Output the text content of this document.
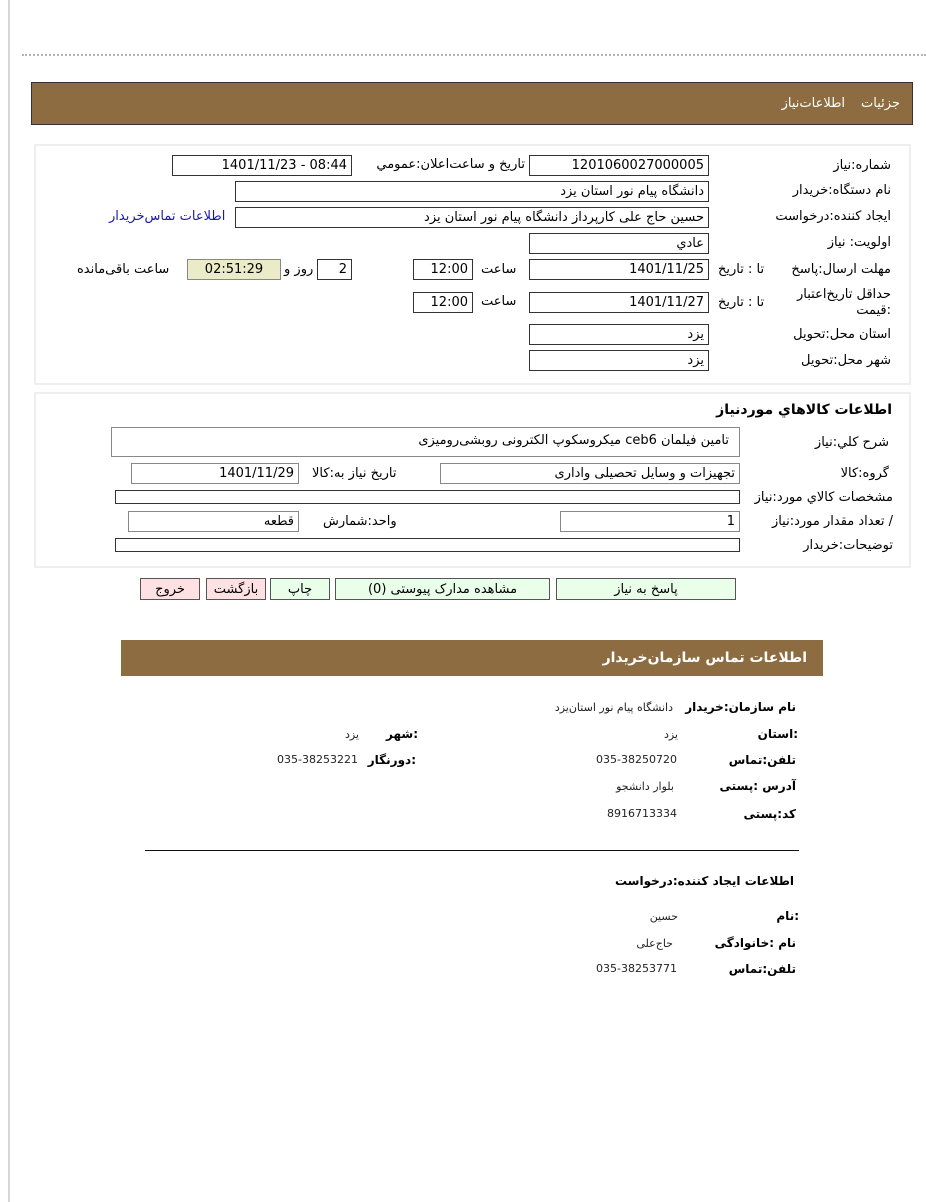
جزئیات
اطلاعات‌نیاز
شماره‌:نیاز
1201060027000005
تاریخ و ساعت‌اعلان:عمومي
1401/11/23 - 08:44
نام دستگاه‌:خریدار
دانشگاه پیام نور استان یزد
ایجاد کننده‌:درخواست
حسین حاج علی کارپرداز دانشگاه پیام نور استان یزد
اطلاعات تماس‌خریدار
اولویت: نیاز
عادي
مهلت ارسال‌:پاسخ
تا : تاریخ
1401/11/25
ساعت
12:00
2
روز و
02:51:29
ساعت باقی‌مانده
حداقل تاریخ‌اعتبار :قیمت
تا : تاریخ
1401/11/27
ساعت
12:00
استان محل‌:تحویل
یزد
شهر محل‌:تحویل
یزد
اطلاعات کالاهاي موردنیاز
شرح کلي‌:نیاز
تامین فیلمان ceb6 میکروسکوپ الکترونی روبشی‌رومیزی
گروه‌:کالا
تجهیزات و وسایل تحصیلی واداری
تاریخ نیاز به‌:کالا
1401/11/29
مشخصات کالاي مورد‌:نیاز
/ تعداد مقدار مورد‌:نیاز
1
واحد‌:شمارش
قطعه
توضیحات‌:خریدار
پاسخ به نیاز
مشاهده مدارک پیوستی (0)
چاپ
بازگشت
خروج
اطلاعات تماس سازمان‌خریدار
نام سازمان:خریدار
دانشگاه پیام نور استان‌یزد
:استان
یزد
:شهر
یزد
تلفن:تماس
035-38250720
:دورنگار
035-38253221
آدرس :پستی
بلوار دانشجو
کد:پستی
8916713334
اطلاعات ایجاد کننده:درخواست
:نام
حسین
نام :خانوادگی
حاج‌علی
تلفن:تماس
035-38253771
